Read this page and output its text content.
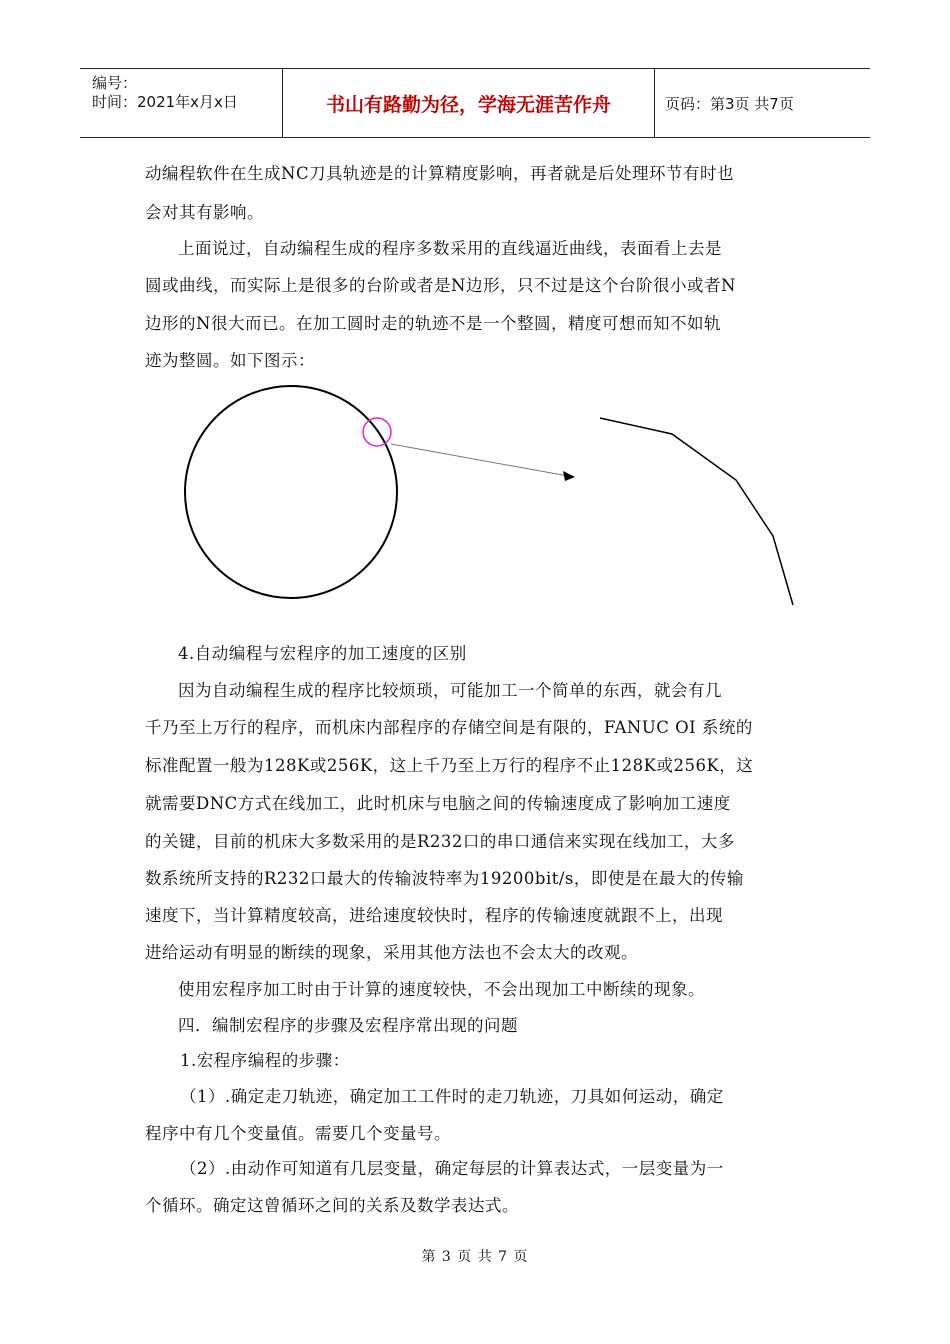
编号：
时间：2021年x月x日	书山有路勤为径，学海无涯苦作舟	页码：第3页 共7页

动编程软件在生成NC刀具轨迹是的计算精度影响，再者就是后处理环节有时也

会对其有影响。

上面说过，自动编程生成的程序多数采用的直线逼近曲线，表面看上去是

圆或曲线，而实际上是很多的台阶或者是N边形，只不过是这个台阶很小或者N

边形的N很大而已。在加工圆时走的轨迹不是一个整圆，精度可想而知不如轨

迹为整圆。如下图示：

4.自动编程与宏程序的加工速度的区别

因为自动编程生成的程序比较烦琐，可能加工一个简单的东西，就会有几

千乃至上万行的程序，而机床内部程序的存储空间是有限的，FANUC OI 系统的

标准配置一般为128K或256K，这上千乃至上万行的程序不止128K或256K，这

就需要DNC方式在线加工，此时机床与电脑之间的传输速度成了影响加工速度

的关键，目前的机床大多数采用的是R232口的串口通信来实现在线加工，大多

数系统所支持的R232口最大的传输波特率为19200bit/s，即使是在最大的传输

速度下，当计算精度较高，进给速度较快时，程序的传输速度就跟不上，出现

进给运动有明显的断续的现象，采用其他方法也不会太大的改观。

使用宏程序加工时由于计算的速度较快，不会出现加工中断续的现象。

四．编制宏程序的步骤及宏程序常出现的问题

1.宏程序编程的步骤：

（1）.确定走刀轨迹，确定加工工件时的走刀轨迹，刀具如何运动，确定

程序中有几个变量值。需要几个变量号。

（2）.由动作可知道有几层变量，确定每层的计算表达式，一层变量为一

个循环。确定这曾循环之间的关系及数学表达式。

第 3 页 共 7 页
